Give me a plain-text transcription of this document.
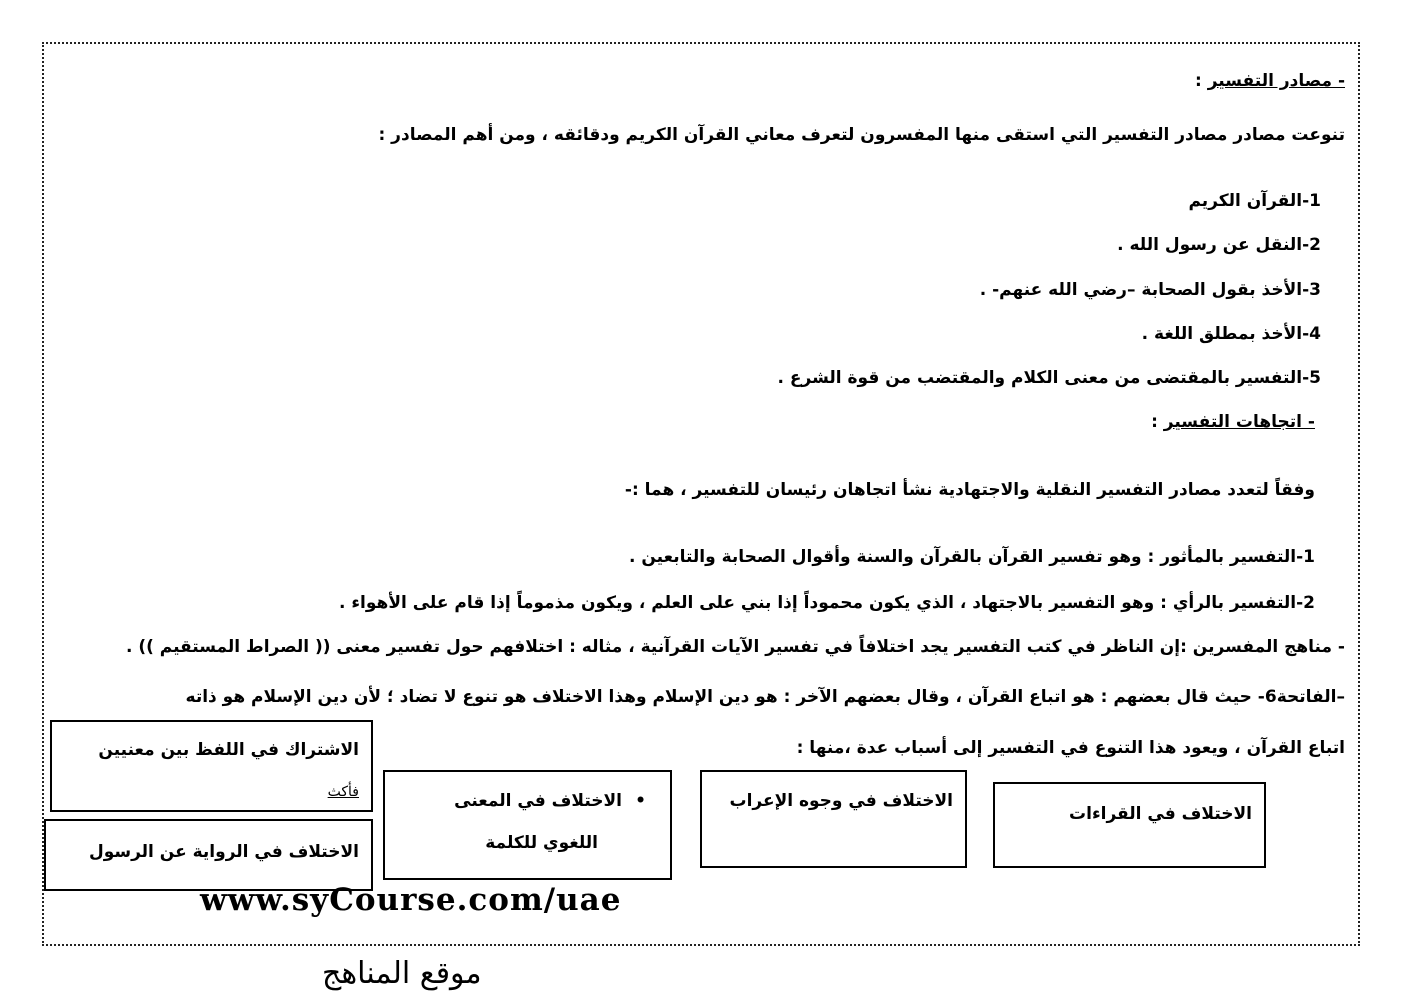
- مصادر التفسير :
تنوعت مصادر مصادر التفسير التي استقى منها المفسرون لتعرف معاني القرآن الكريم ودقائقه ، ومن أهم المصادر :
1-القرآن الكريم
2-النقل عن رسول الله .
3-الأخذ بقول الصحابة –رضي الله عنهم- .
4-الأخذ بمطلق اللغة .
5-التفسير بالمقتضى من معنى الكلام والمقتضب من قوة الشرع .
- اتجاهات التفسير :
وفقاً لتعدد مصادر التفسير النقلية والاجتهادية نشأ اتجاهان رئيسان للتفسير ، هما :-
1-التفسير بالمأثور : وهو تفسير القرآن بالقرآن والسنة وأقوال الصحابة والتابعين .
2-التفسير بالرأي : وهو التفسير بالاجتهاد ، الذي يكون محموداً إذا بني على العلم ، ويكون مذموماً إذا قام على الأهواء .
- مناهج المفسرين :إن الناظر في كتب التفسير يجد اختلافاً في تفسير الآيات القرآنية ، مثاله : اختلافهم حول تفسير معنى (( الصراط المستقيم )) .
–الفاتحة6- حيث قال بعضهم : هو اتباع القرآن ، وقال بعضهم الآخر : هو دين الإسلام وهذا الاختلاف هو تنوع لا تضاد ؛ لأن دين الإسلام هو ذاته
اتباع القرآن ، ويعود هذا التنوع في التفسير إلى أسباب عدة ،منها :
الاختلاف في القراءات
الاختلاف في وجوه الإعراب
الاختلاف في المعنى •
اللغوي للكلمة
الاشتراك في اللفظ بين معنيين
فأكث
الاختلاف في الرواية عن الرسول
www.syCourse.com/uae
موقع المناهج
